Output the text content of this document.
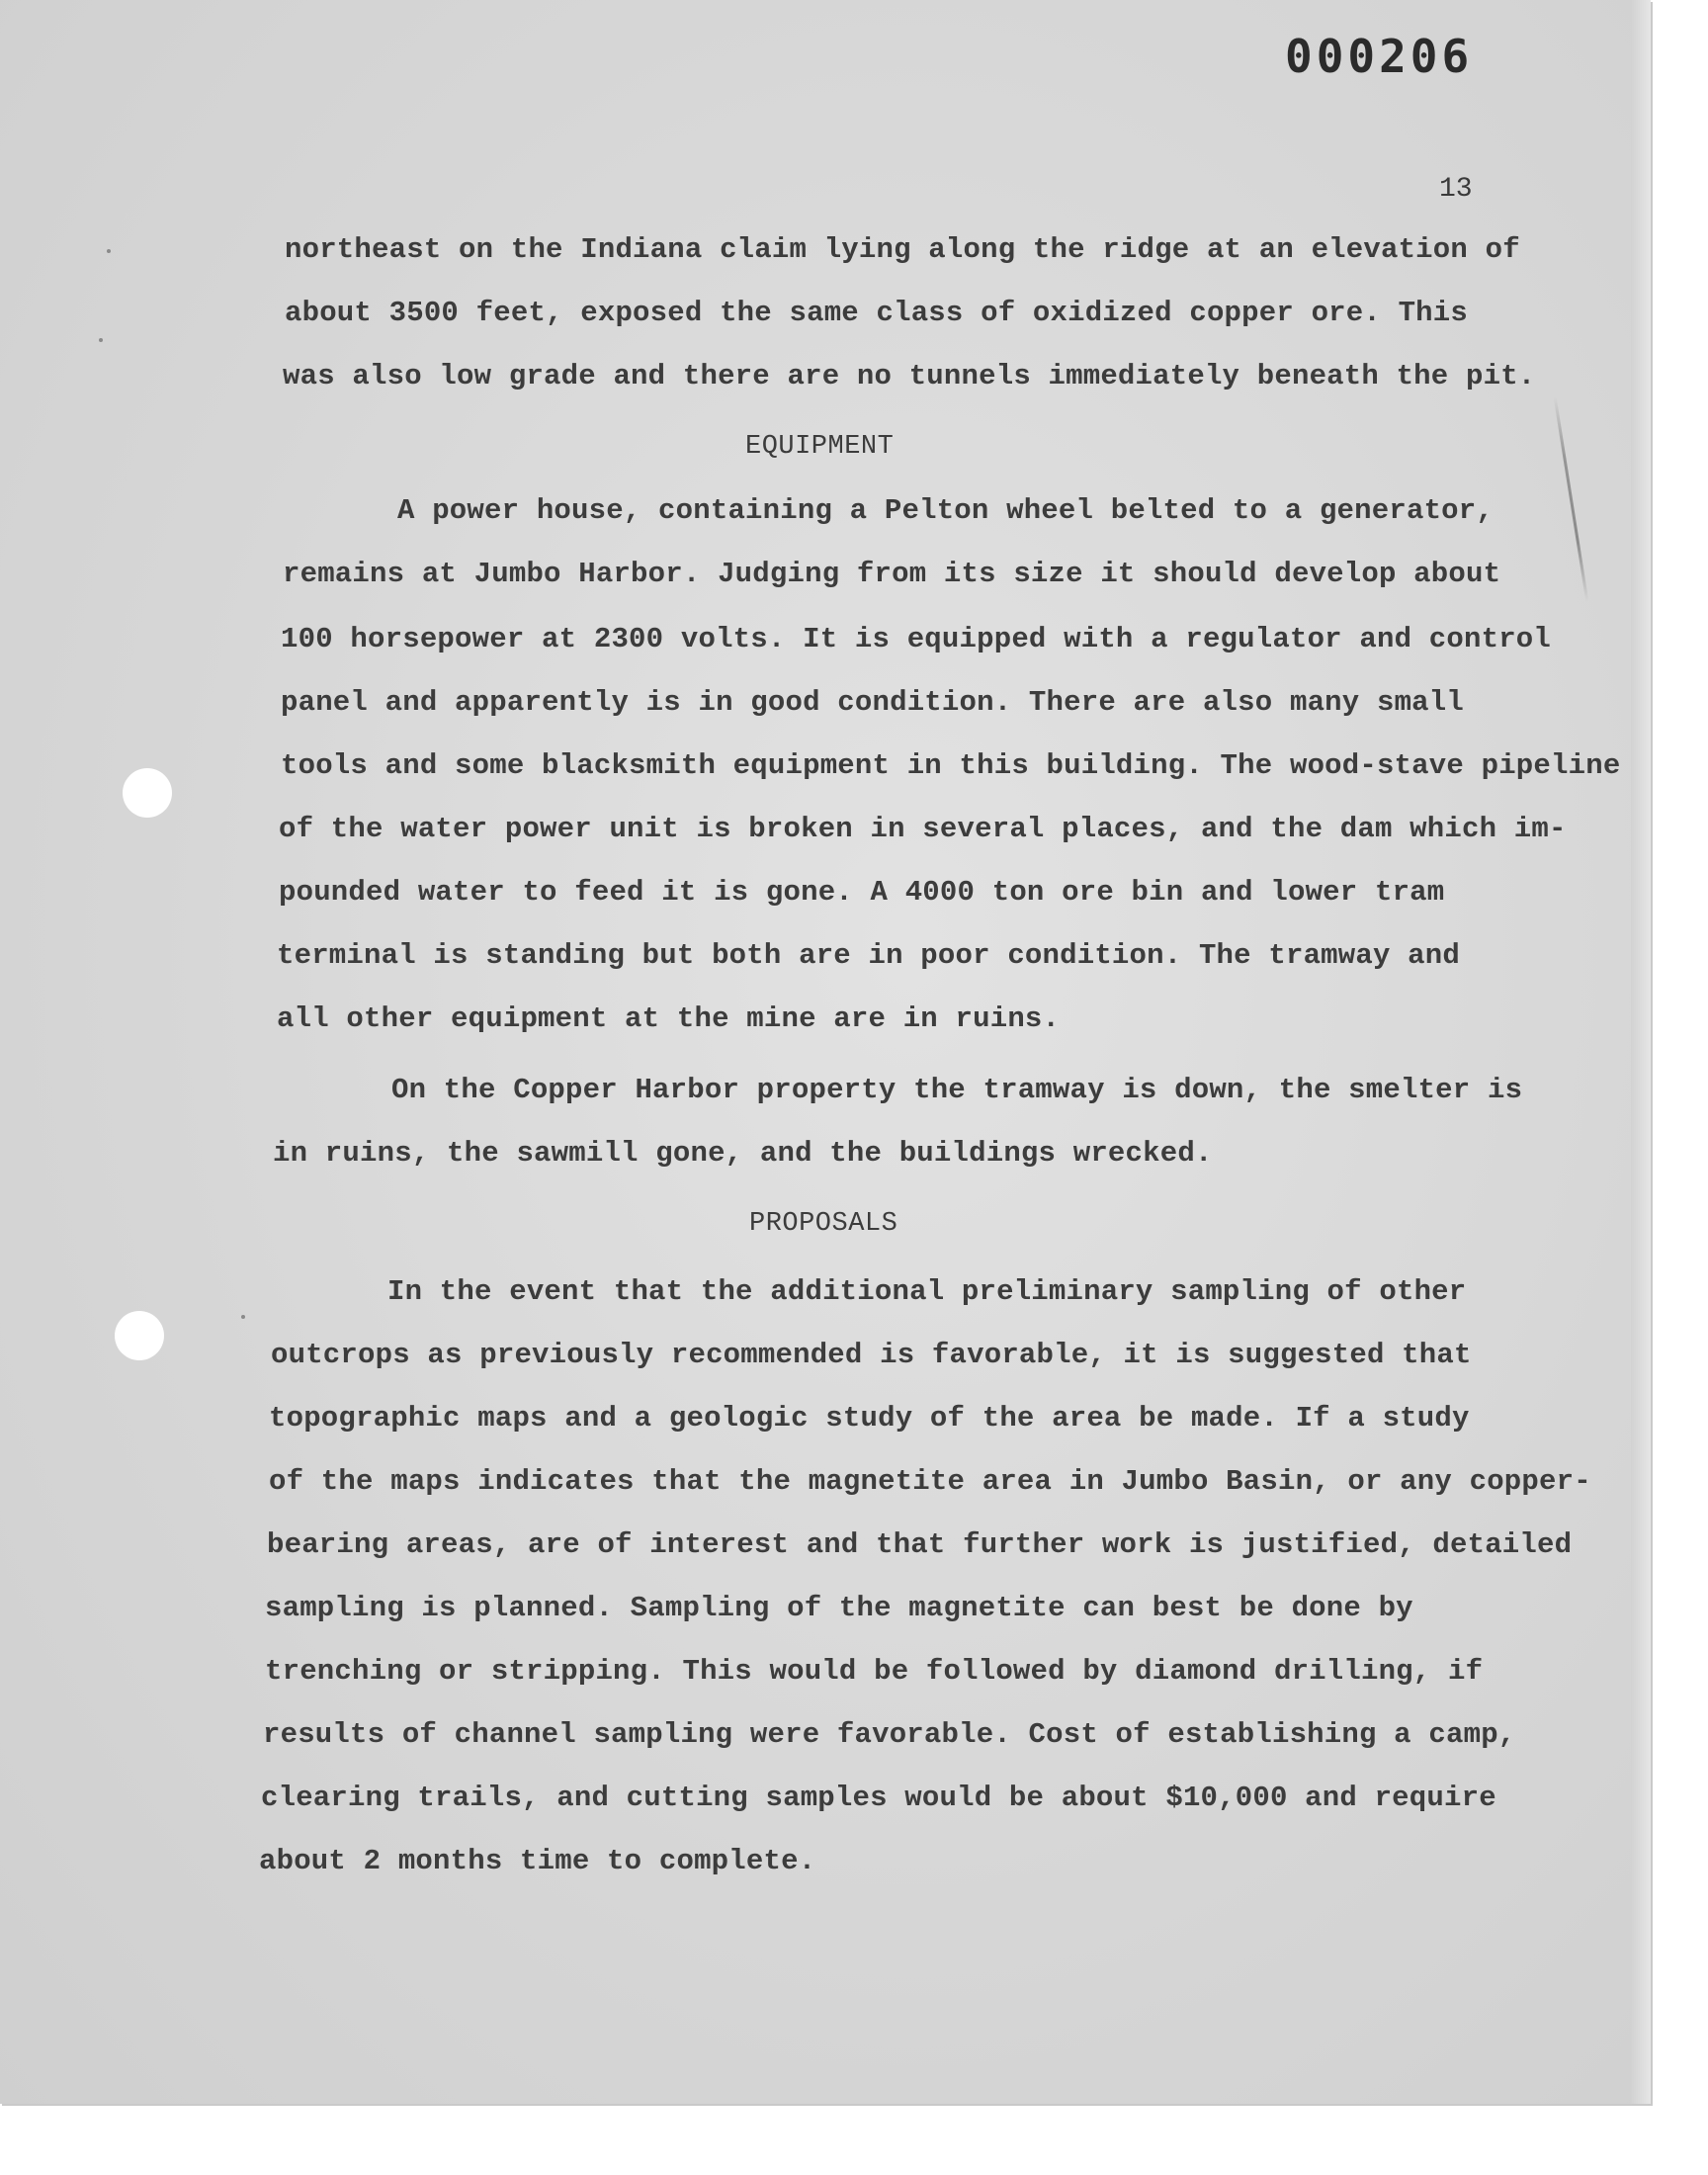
000206
13
northeast on the Indiana claim lying along the ridge at an elevation of
about 3500 feet, exposed the same class of oxidized copper ore. This
was also low grade and there are no tunnels immediately beneath the pit.
EQUIPMENT
A power house, containing a Pelton wheel belted to a generator,
remains at Jumbo Harbor. Judging from its size it should develop about
100 horsepower at 2300 volts. It is equipped with a regulator and control
panel and apparently is in good condition. There are also many small
tools and some blacksmith equipment in this building. The wood-stave pipeline
of the water power unit is broken in several places, and the dam which im-
pounded water to feed it is gone. A 4000 ton ore bin and lower tram
terminal is standing but both are in poor condition. The tramway and
all other equipment at the mine are in ruins.
On the Copper Harbor property the tramway is down, the smelter is
in ruins, the sawmill gone, and the buildings wrecked.
PROPOSALS
In the event that the additional preliminary sampling of other
outcrops as previously recommended is favorable, it is suggested that
topographic maps and a geologic study of the area be made. If a study
of the maps indicates that the magnetite area in Jumbo Basin, or any copper-
bearing areas, are of interest and that further work is justified, detailed
sampling is planned. Sampling of the magnetite can best be done by
trenching or stripping. This would be followed by diamond drilling, if
results of channel sampling were favorable. Cost of establishing a camp,
clearing trails, and cutting samples would be about $10,000 and require
about 2 months time to complete.
